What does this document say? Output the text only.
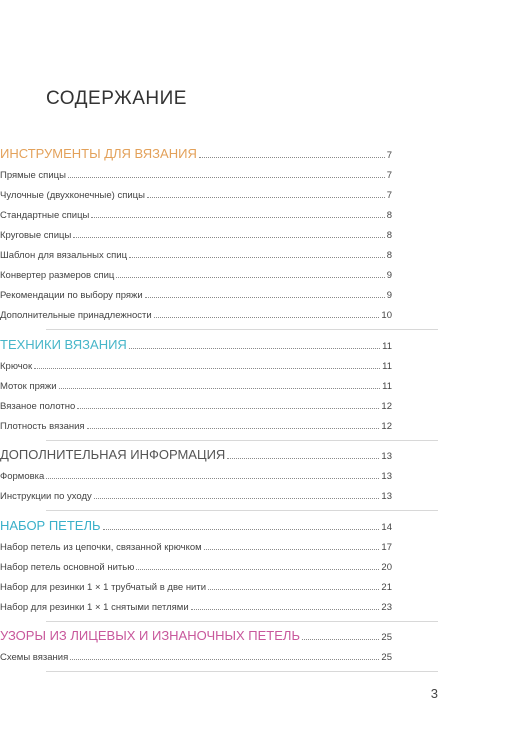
СОДЕРЖАНИЕ
ИНСТРУМЕНТЫ ДЛЯ ВЯЗАНИЯ	7
Прямые спицы	7
Чулочные (двухконечные) спицы	7
Стандартные спицы	8
Круговые спицы	8
Шаблон для вязальных спиц	8
Конвертер размеров спиц	9
Рекомендации по выбору пряжи	9
Дополнительные принадлежности	10
ТЕХНИКИ ВЯЗАНИЯ	11
Крючок	11
Моток пряжи	11
Вязаное полотно	12
Плотность вязания	12
ДОПОЛНИТЕЛЬНАЯ ИНФОРМАЦИЯ	13
Формовка	13
Инструкции по уходу	13
НАБОР ПЕТЕЛЬ	14
Набор петель из цепочки, связанной крючком	17
Набор петель основной нитью	20
Набор для резинки 1 × 1 трубчатый в две нити	21
Набор для резинки 1 × 1 снятыми петлями	23
УЗОРЫ ИЗ ЛИЦЕВЫХ И ИЗНАНОЧНЫХ ПЕТЕЛЬ	25
Схемы вязания	25
3
